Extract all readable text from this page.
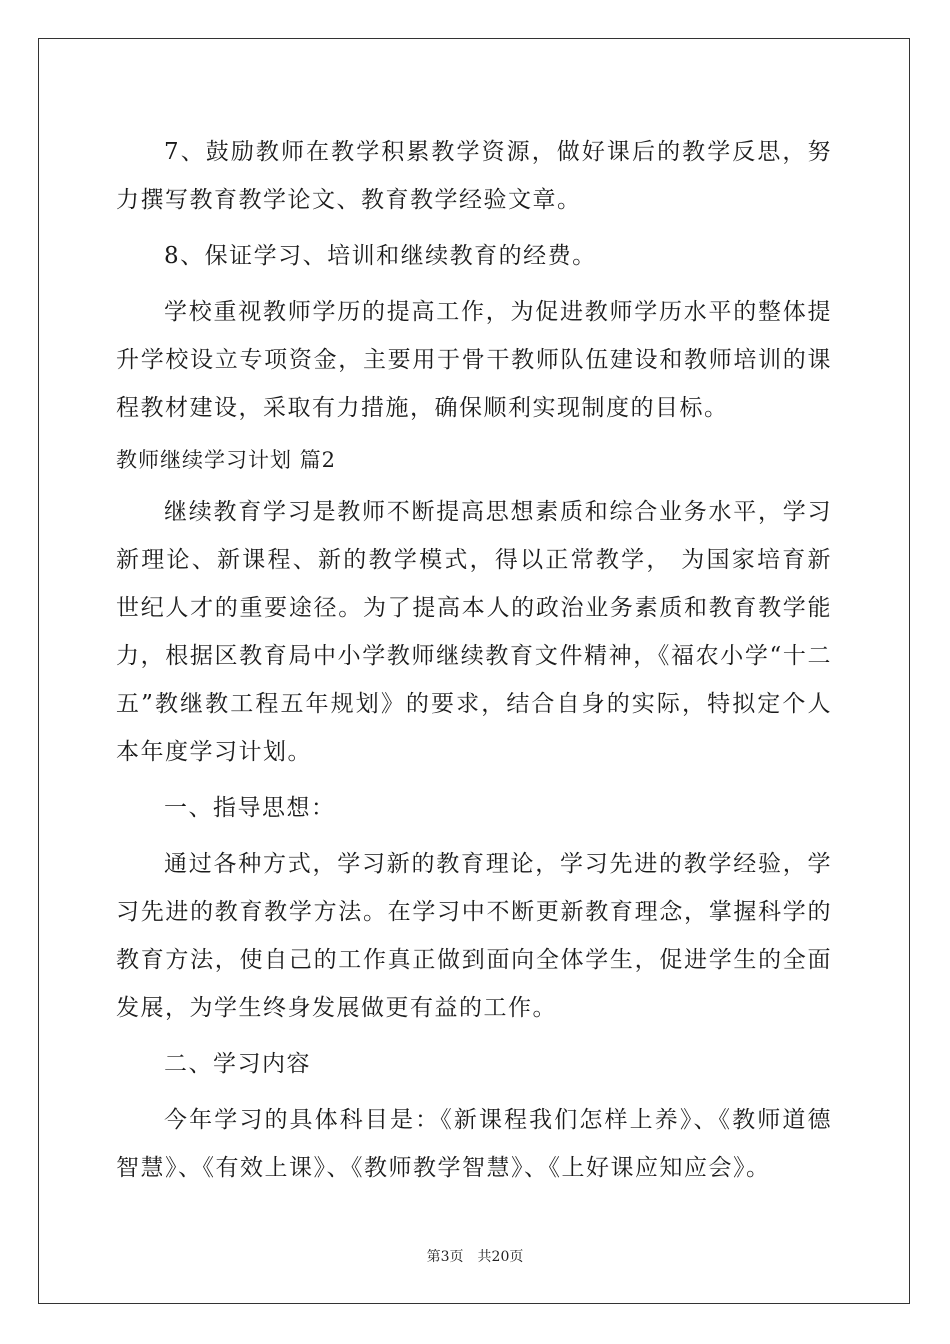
7、鼓励教师在教学积累教学资源，做好课后的教学反思，努力撰写教育教学论文、教育教学经验文章。

8、保证学习、培训和继续教育的经费。

学校重视教师学历的提高工作，为促进教师学历水平的整体提升学校设立专项资金，主要用于骨干教师队伍建设和教师培训的课程教材建设，采取有力措施，确保顺利实现制度的目标。

教师继续学习计划 篇2

继续教育学习是教师不断提高思想素质和综合业务水平，学习新理论、新课程、新的教学模式，得以正常教学， 为国家培育新世纪人才的重要途径。为了提高本人的政治业务素质和教育教学能力，根据区教育局中小学教师继续教育文件精神，《福农小学“十二五”教继教工程五年规划》的要求，结合自身的实际，特拟定个人本年度学习计划。

一、指导思想：

通过各种方式，学习新的教育理论，学习先进的教学经验，学习先进的教育教学方法。在学习中不断更新教育理念，掌握科学的教育方法，使自己的工作真正做到面向全体学生，促进学生的全面发展，为学生终身发展做更有益的工作。

二、学习内容

今年学习的具体科目是：《新课程我们怎样上养》、《教师道德智慧》、《有效上课》、《教师教学智慧》、《上好课应知应会》。

第3页　共20页
